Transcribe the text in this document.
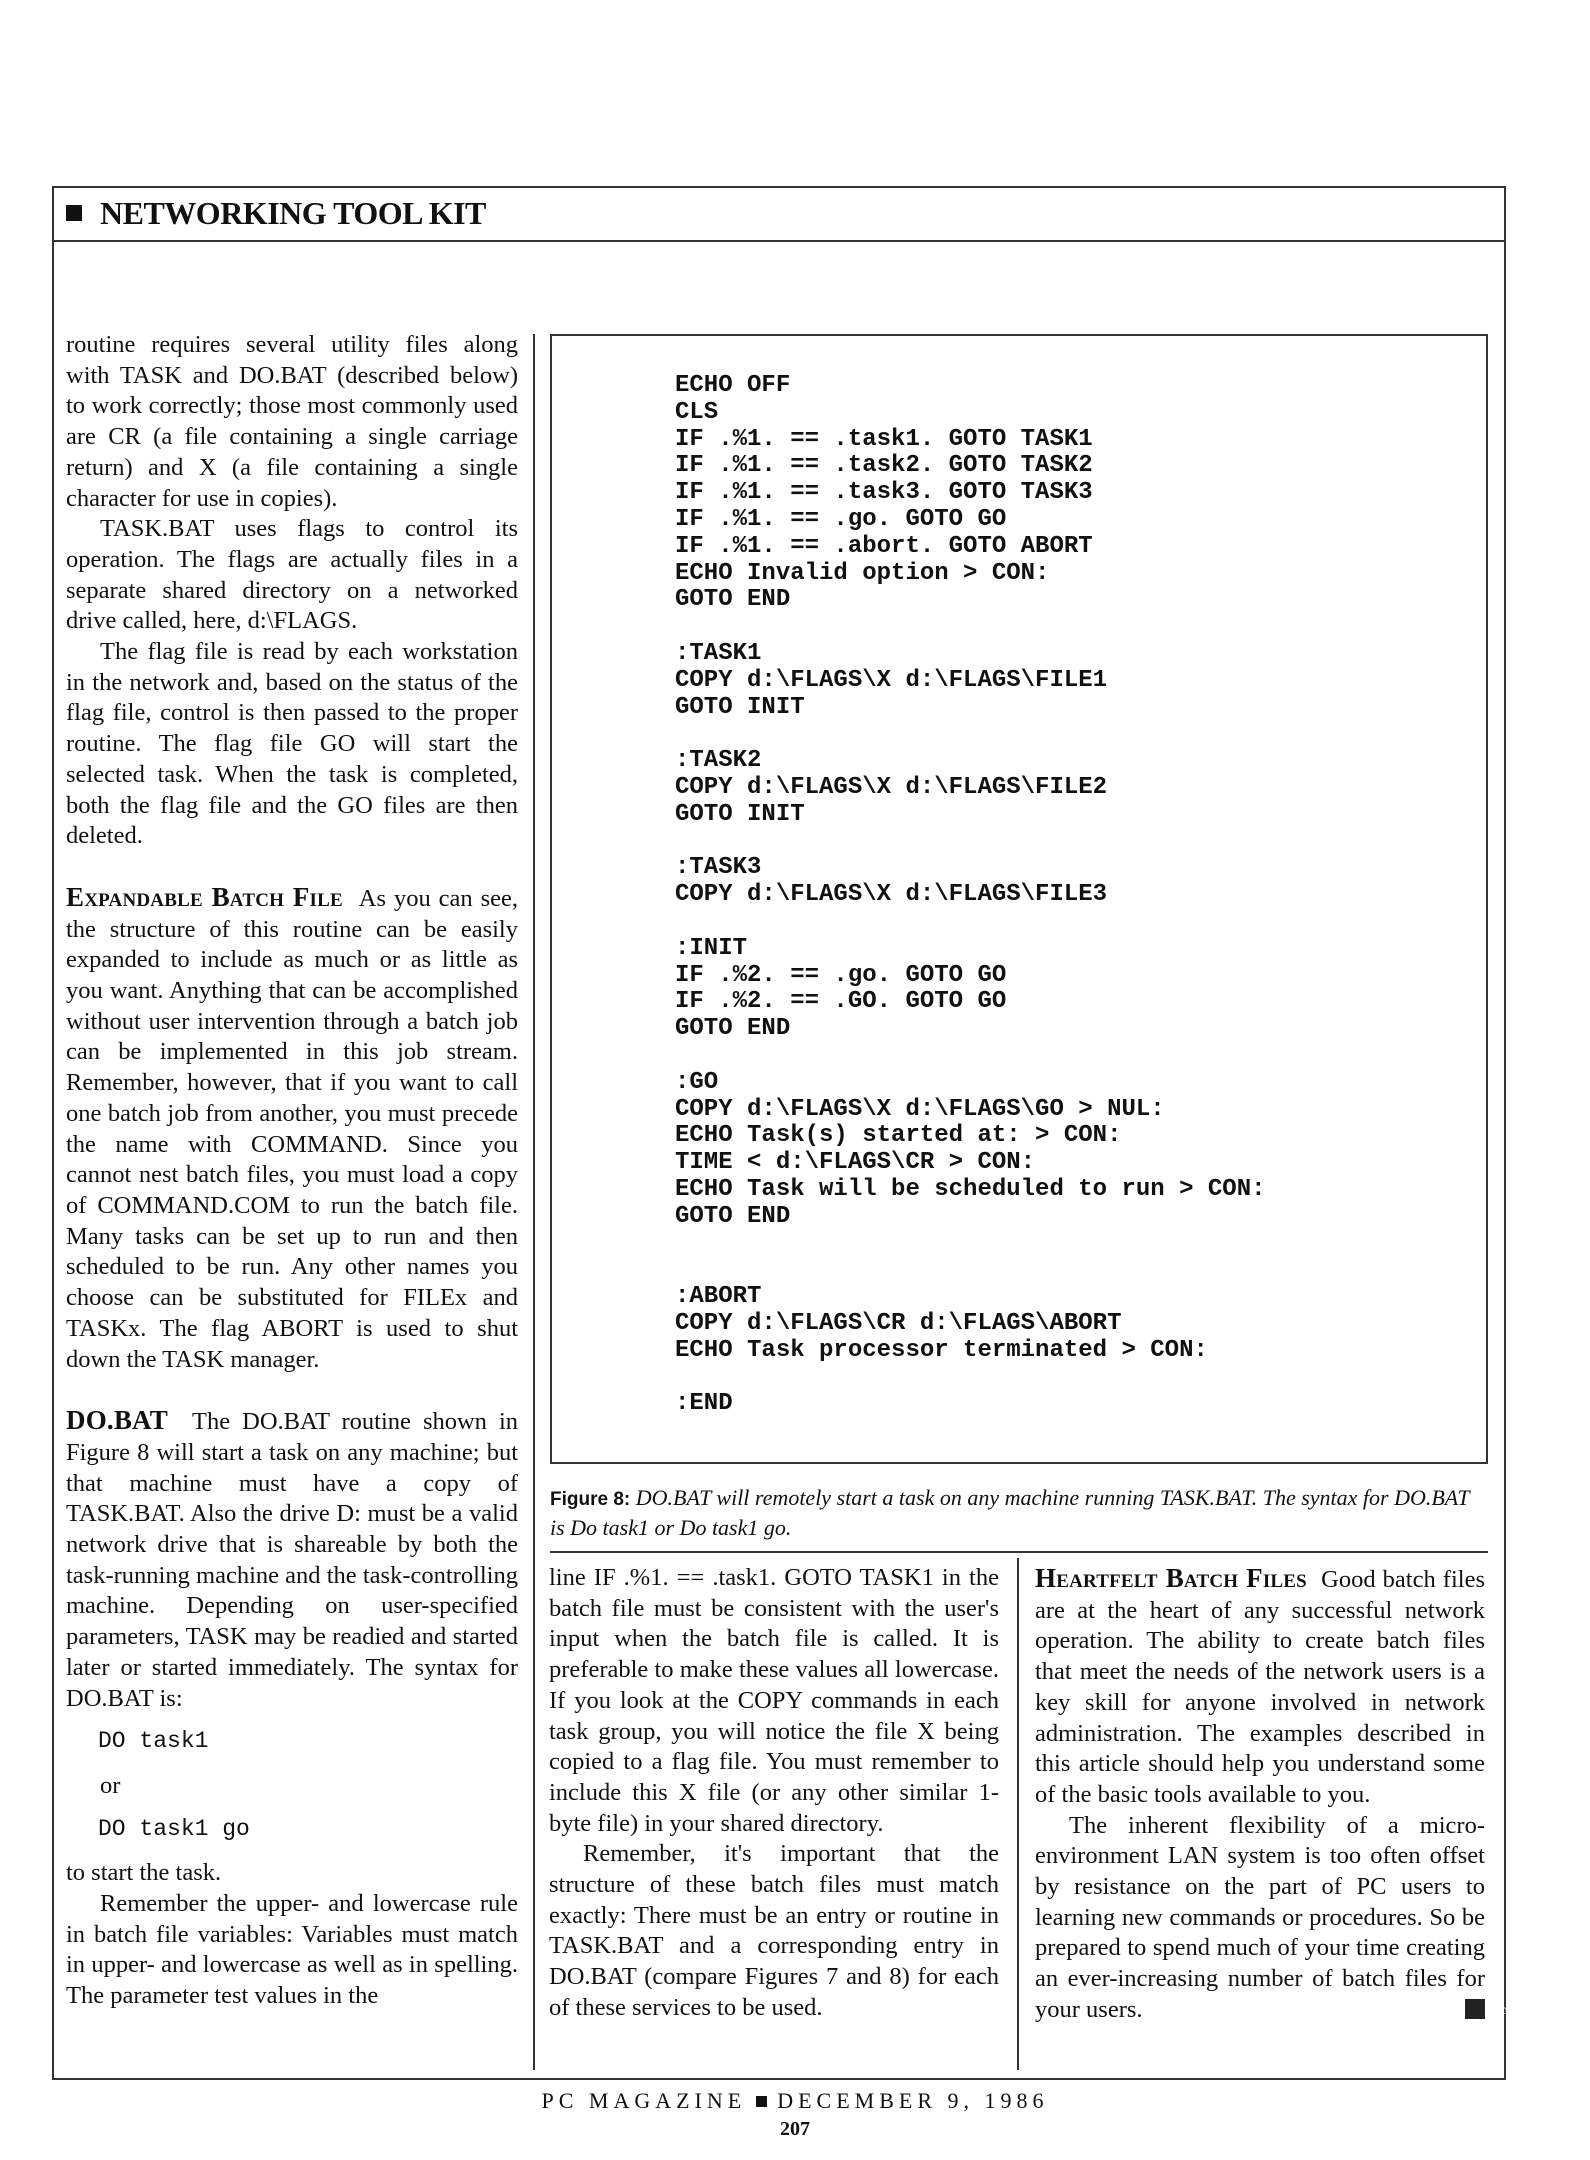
NETWORKING TOOL KIT

routine requires several utility files along with TASK and DO.BAT (described below) to work correctly; those most commonly used are CR (a file containing a single carriage return) and X (a file containing a single character for use in copies).

TASK.BAT uses flags to control its operation. The flags are actually files in a separate shared directory on a networked drive called, here, d:\FLAGS.

The flag file is read by each workstation in the network and, based on the status of the flag file, control is then passed to the proper routine. The flag file GO will start the selected task. When the task is completed, both the flag file and the GO files are then deleted.

Expandable Batch File As you can see, the structure of this routine can be easily expanded to include as much or as little as you want. Anything that can be accomplished without user intervention through a batch job can be implemented in this job stream. Remember, however, that if you want to call one batch job from another, you must precede the name with COMMAND. Since you cannot nest batch files, you must load a copy of COMMAND.COM to run the batch file. Many tasks can be set up to run and then scheduled to be run. Any other names you choose can be substituted for FILEx and TASKx. The flag ABORT is used to shut down the TASK manager.

DO.BAT The DO.BAT routine shown in Figure 8 will start a task on any machine; but that machine must have a copy of TASK.BAT. Also the drive D: must be a valid network drive that is shareable by both the task-running machine and the task-controlling machine. Depending on user-specified parameters, TASK may be readied and started later or started immediately. The syntax for DO.BAT is:

DO task1

or

DO task1 go

to start the task.

Remember the upper- and lowercase rule in batch file variables: Variables must match in upper- and lowercase as well as in spelling. The parameter test values in the

ECHO OFF
CLS
IF .%1. == .task1. GOTO TASK1
IF .%1. == .task2. GOTO TASK2
IF .%1. == .task3. GOTO TASK3
IF .%1. == .go. GOTO GO
IF .%1. == .abort. GOTO ABORT
ECHO Invalid option > CON:
GOTO END

:TASK1
COPY d:\FLAGS\X d:\FLAGS\FILE1
GOTO INIT

:TASK2
COPY d:\FLAGS\X d:\FLAGS\FILE2
GOTO INIT

:TASK3
COPY d:\FLAGS\X d:\FLAGS\FILE3

:INIT
IF .%2. == .go. GOTO GO
IF .%2. == .GO. GOTO GO
GOTO END

:GO
COPY d:\FLAGS\X d:\FLAGS\GO > NUL:
ECHO Task(s) started at: > CON:
TIME < d:\FLAGS\CR > CON:
ECHO Task will be scheduled to run > CON:
GOTO END

:ABORT
COPY d:\FLAGS\CR d:\FLAGS\ABORT
ECHO Task processor terminated > CON:

:END
Figure 8: DO.BAT will remotely start a task on any machine running TASK.BAT. The syntax for DO.BAT is Do task1 or Do task1 go.

line IF .%1. == .task1. GOTO TASK1 in the batch file must be consistent with the user's input when the batch file is called. It is preferable to make these values all lowercase. If you look at the COPY commands in each task group, you will notice the file X being copied to a flag file. You must remember to include this X file (or any other similar 1-byte file) in your shared directory.

Remember, it's important that the structure of these batch files must match exactly: There must be an entry or routine in TASK.BAT and a corresponding entry in DO.BAT (compare Figures 7 and 8) for each of these services to be used.

Heartfelt Batch Files Good batch files are at the heart of any successful network operation. The ability to create batch files that meet the needs of the network users is a key skill for anyone involved in network administration. The examples described in this article should help you understand some of the basic tools available to you.

The inherent flexibility of a micro-environment LAN system is too often offset by resistance on the part of PC users to learning new commands or procedures. So be prepared to spend much of your time creating an ever-increasing number of batch files for your users.	⌂

PC MAGAZINE DECEMBER 9, 1986
207
